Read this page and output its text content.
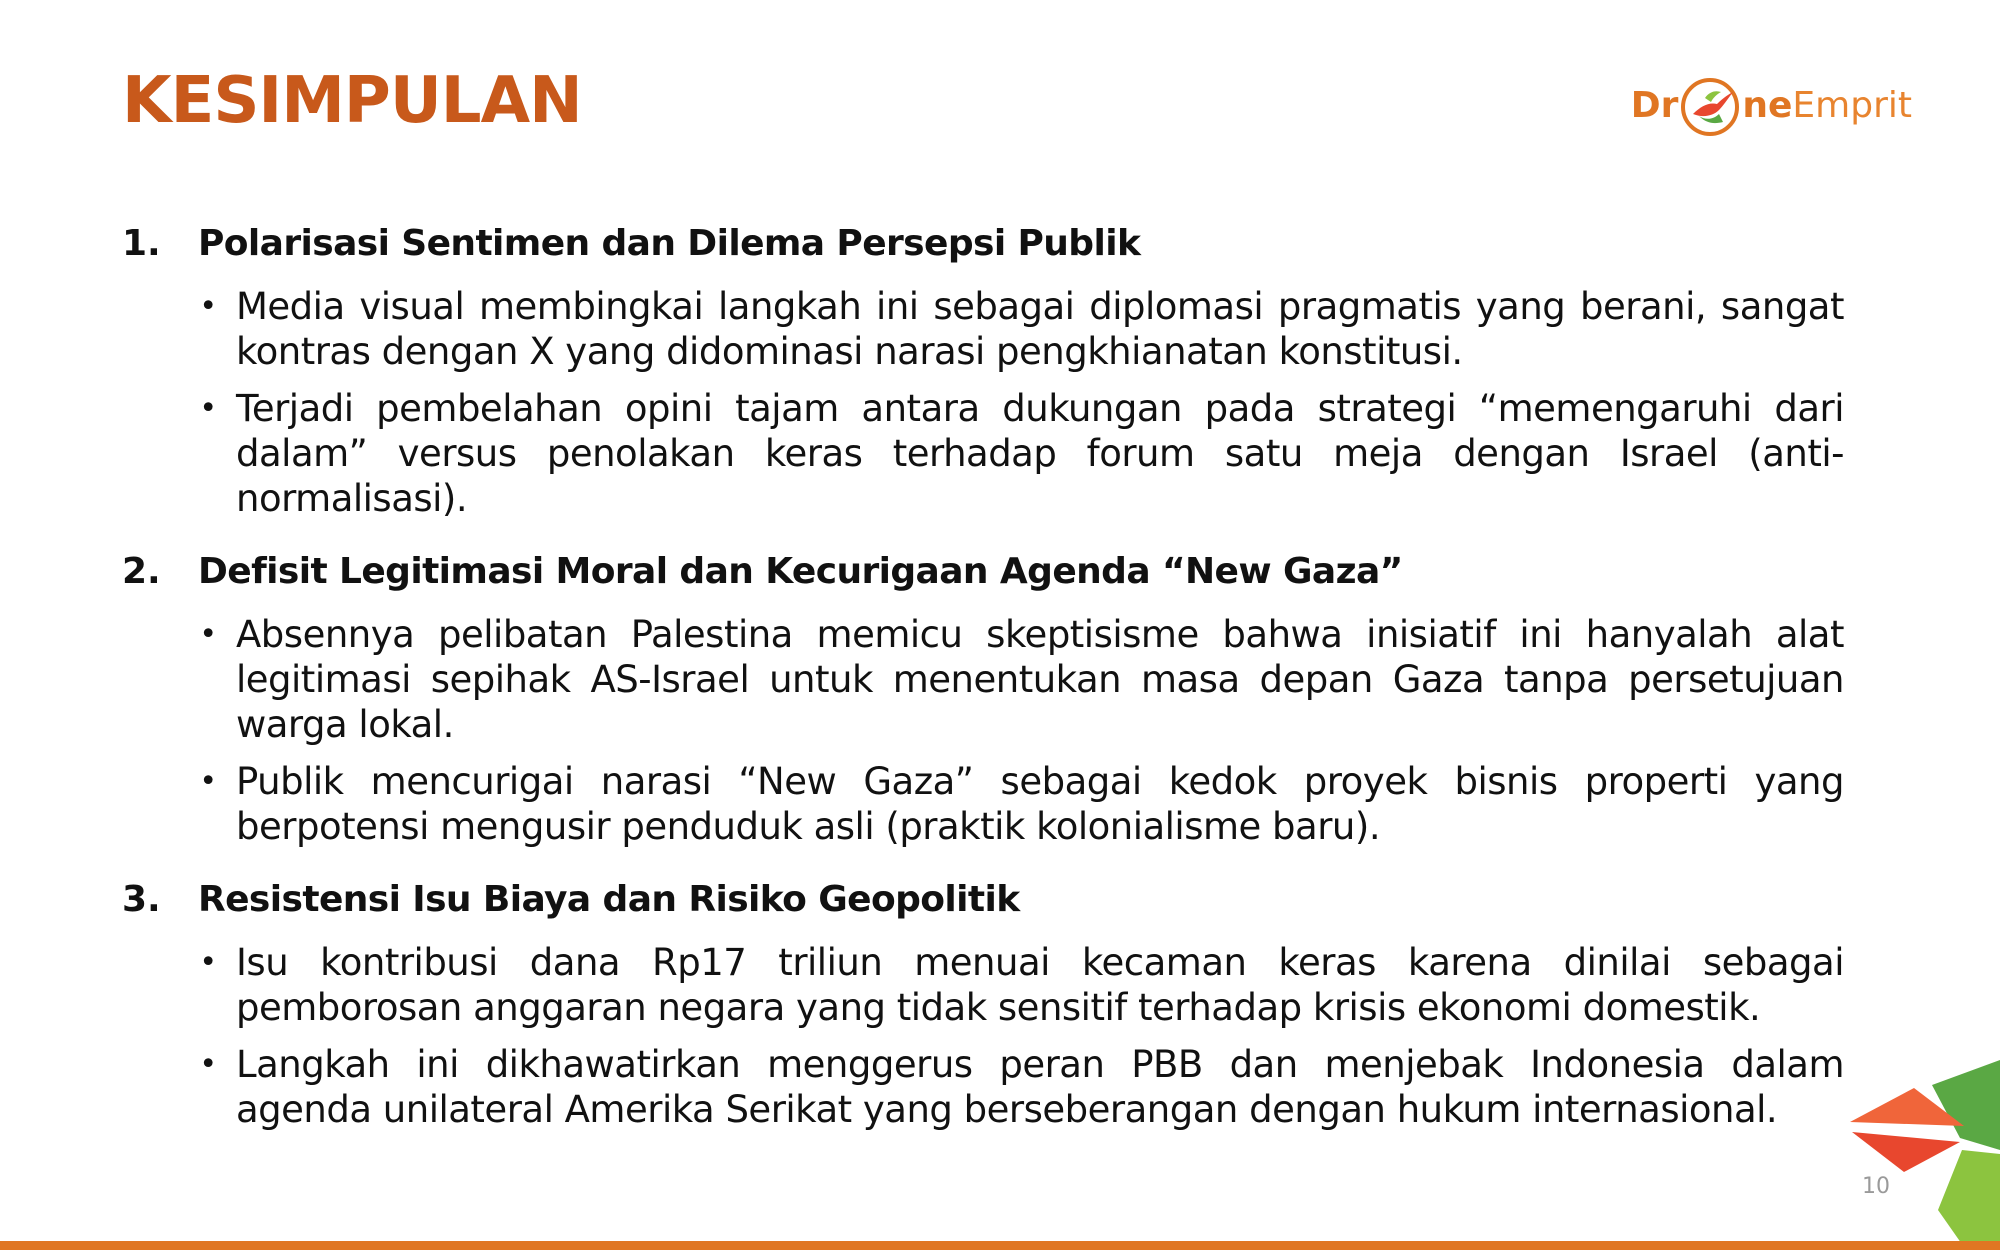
KESIMPULAN	Dr neEmprit
1.	Polarisasi Sentimen dan Dilema Persepsi Publik
• Media visual membingkai langkah ini sebagai diplomasi pragmatis yang berani, sangat kontras dengan X yang didominasi narasi pengkhianatan konstitusi.
• Terjadi pembelahan opini tajam antara dukungan pada strategi “memengaruhi dari dalam” versus penolakan keras terhadap forum satu meja dengan Israel (anti-normalisasi).
2.	Defisit Legitimasi Moral dan Kecurigaan Agenda “New Gaza”
• Absennya pelibatan Palestina memicu skeptisisme bahwa inisiatif ini hanyalah alat legitimasi sepihak AS-Israel untuk menentukan masa depan Gaza tanpa persetujuan warga lokal.
• Publik mencurigai narasi “New Gaza” sebagai kedok proyek bisnis properti yang berpotensi mengusir penduduk asli (praktik kolonialisme baru).
3.	Resistensi Isu Biaya dan Risiko Geopolitik
• Isu kontribusi dana Rp17 triliun menuai kecaman keras karena dinilai sebagai pemborosan anggaran negara yang tidak sensitif terhadap krisis ekonomi domestik.
• Langkah ini dikhawatirkan menggerus peran PBB dan menjebak Indonesia dalam agenda unilateral Amerika Serikat yang berseberangan dengan hukum internasional.
10
